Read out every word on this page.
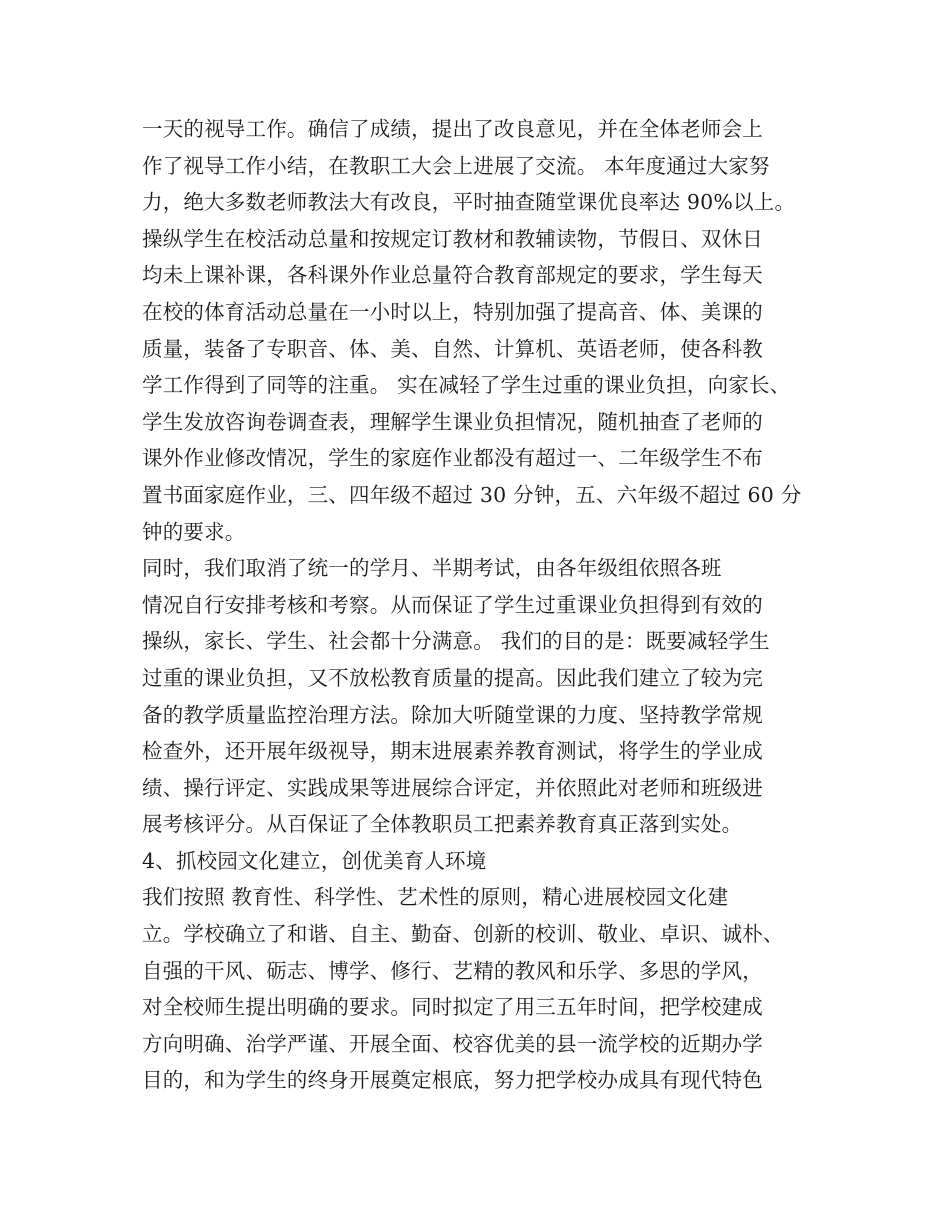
一天的视导工作。确信了成绩，提出了改良意见，并在全体老师会上
作了视导工作小结，在教职工大会上进展了交流。 本年度通过大家努
力，绝大多数老师教法大有改良，平时抽查随堂课优良率达 90%以上。
操纵学生在校活动总量和按规定订教材和教辅读物，节假日、双休日
均未上课补课，各科课外作业总量符合教育部规定的要求，学生每天
在校的体育活动总量在一小时以上，特别加强了提高音、体、美课的
质量，装备了专职音、体、美、自然、计算机、英语老师，使各科教
学工作得到了同等的注重。 实在减轻了学生过重的课业负担，向家长、
学生发放咨询卷调查表，理解学生课业负担情况，随机抽查了老师的
课外作业修改情况，学生的家庭作业都没有超过一、二年级学生不布
置书面家庭作业，三、四年级不超过 30 分钟，五、六年级不超过 60 分
钟的要求。
同时，我们取消了统一的学月、半期考试，由各年级组依照各班
情况自行安排考核和考察。从而保证了学生过重课业负担得到有效的
操纵，家长、学生、社会都十分满意。 我们的目的是：既要减轻学生
过重的课业负担，又不放松教育质量的提高。因此我们建立了较为完
备的教学质量监控治理方法。除加大听随堂课的力度、坚持教学常规
检查外，还开展年级视导，期末进展素养教育测试，将学生的学业成
绩、操行评定、实践成果等进展综合评定，并依照此对老师和班级进
展考核评分。从百保证了全体教职员工把素养教育真正落到实处。
4、抓校园文化建立，创优美育人环境
我们按照 教育性、科学性、艺术性的原则，精心进展校园文化建
立。学校确立了和谐、自主、勤奋、创新的校训、敬业、卓识、诚朴、
自强的干风、砺志、博学、修行、艺精的教风和乐学、多思的学风，
对全校师生提出明确的要求。同时拟定了用三五年时间，把学校建成
方向明确、治学严谨、开展全面、校容优美的县一流学校的近期办学
目的，和为学生的终身开展奠定根底，努力把学校办成具有现代特色
